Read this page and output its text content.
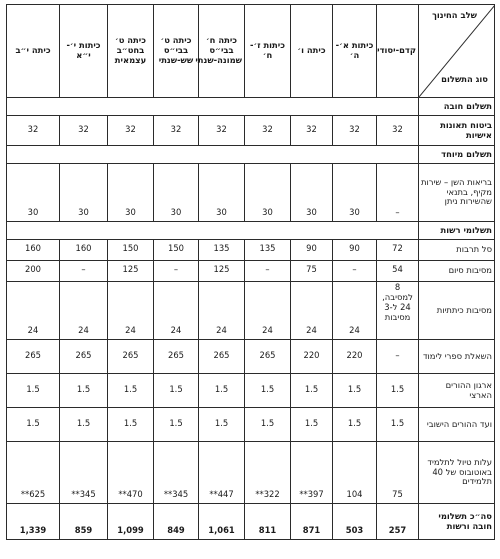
שלב החינוך
סוג התשלום	קדם-יסודי	כיתות א׳-ה׳	כיתה ו׳	כיתות ז׳-ח׳	כיתה ח׳ בבי״ס שמונה-שנתי	כיתה ט׳ בבי״ס שש-שנתי	כיתה ט׳ בחט״ב עצמאית	כיתות י׳-י״א	כיתה י״ב
תשלום חובה									
ביטוח תאונות אישיות	32	32	32	32	32	32	32	32	32
תשלום מיוחד									
בריאות השן – שירות מקיף, בתנאי שהשירות ניתן	–	30	30	30	30	30	30	30	30
תשלומי רשות									
סל תרבות	72	90	90	135	135	150	150	160	160
מסיבות סיום	54	–	75	–	125	–	125	–	200
מסיבות כיתתיות	8 למסיבה, 24 ל-3 מסיבות	24	24	24	24	24	24	24	24
השאלת ספרי לימוד	–	220	220	265	265	265	265	265	265
ארגון ההורים הארצי	1.5	1.5	1.5	1.5	1.5	1.5	1.5	1.5	1.5
ועד ההורים הישובי	1.5	1.5	1.5	1.5	1.5	1.5	1.5	1.5	1.5
עלות טיול לתלמיד באוטובוס של 40 תלמידים	75	104	397**	322**	447**	345**	470**	345**	625**
סה״כ תשלומי חובה ורשות	257	503	871	811	1,061	849	1,099	859	1,339
